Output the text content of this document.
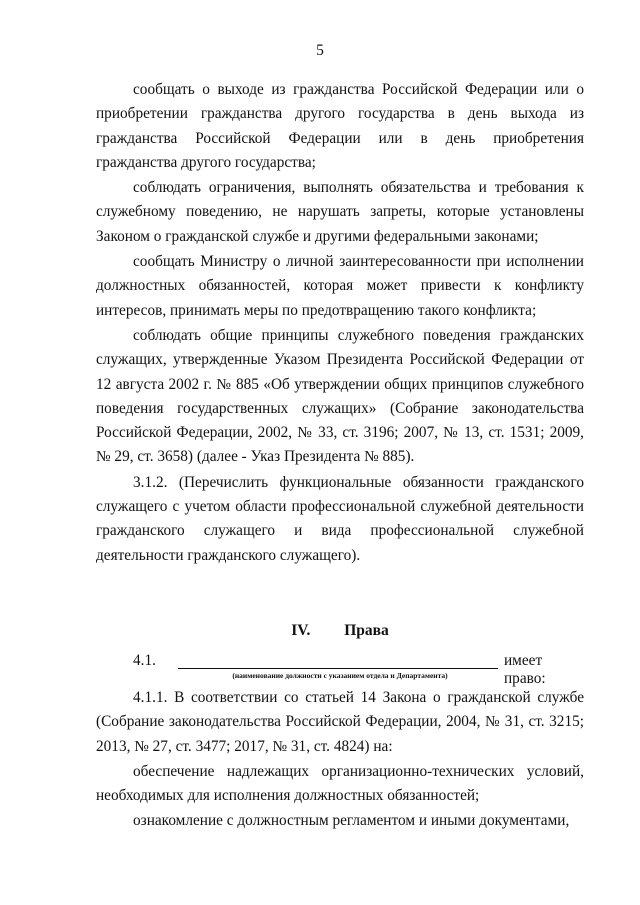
5

сообщать о выходе из гражданства Российской Федерации или о приобретении гражданства другого государства в день выхода из гражданства Российской Федерации или в день приобретения гражданства другого государства;

соблюдать ограничения, выполнять обязательства и требования к служебному поведению, не нарушать запреты, которые установлены Законом о гражданской службе и другими федеральными законами;

сообщать Министру о личной заинтересованности при исполнении должностных обязанностей, которая может привести к конфликту интересов, принимать меры по предотвращению такого конфликта;

соблюдать общие принципы служебного поведения гражданских служащих, утвержденные Указом Президента Российской Федерации от 12 августа 2002 г. № 885 «Об утверждении общих принципов служебного поведения государственных служащих» (Собрание законодательства Российской Федерации, 2002, № 33, ст. 3196; 2007, № 13, ст. 1531; 2009, № 29, ст. 3658) (далее - Указ Президента № 885).

3.1.2. (Перечислить функциональные обязанности гражданского служащего с учетом области профессиональной служебной деятельности гражданского служащего и вида профессиональной служебной деятельности гражданского служащего).

IV. Права
4.1.	имеет право:
(наименование должности с указанием отдела и Департамента)

4.1.1. В соответствии со статьей 14 Закона о гражданской службе (Собрание законодательства Российской Федерации, 2004, № 31, ст. 3215; 2013, № 27, ст. 3477; 2017, № 31, ст. 4824) на:

обеспечение надлежащих организационно-технических условий, необходимых для исполнения должностных обязанностей;

ознакомление с должностным регламентом и иными документами,
